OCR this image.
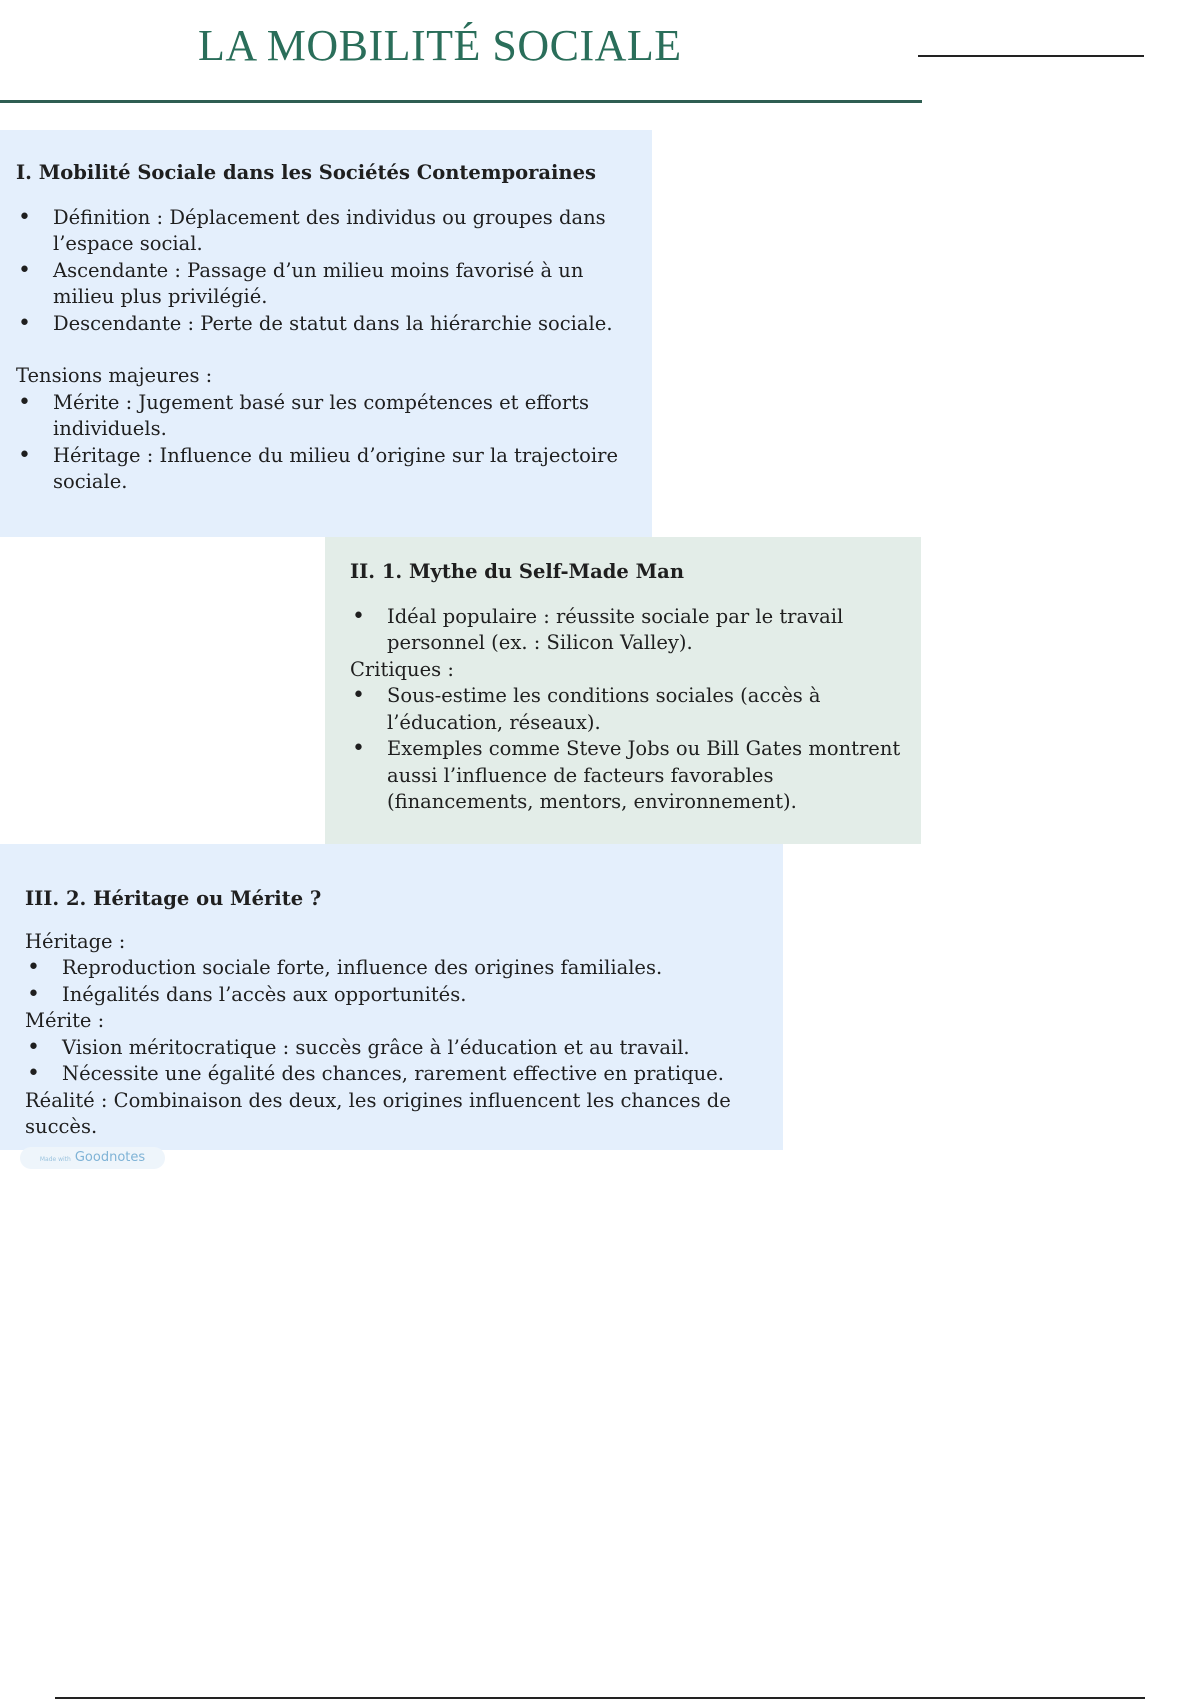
LA MOBILITÉ SOCIALE
I. Mobilité Sociale dans les Sociétés Contemporaines
• Définition : Déplacement des individus ou groupes dans l’espace social.
• Ascendante : Passage d’un milieu moins favorisé à un milieu plus privilégié.
• Descendante : Perte de statut dans la hiérarchie sociale.

Tensions majeures :

• Mérite : Jugement basé sur les compétences et efforts individuels.
• Héritage : Influence du milieu d’origine sur la trajectoire sociale.
II. 1. Mythe du Self-Made Man
• Idéal populaire : réussite sociale par le travail personnel (ex. : Silicon Valley).

Critiques :

• Sous-estime les conditions sociales (accès à l’éducation, réseaux).
• Exemples comme Steve Jobs ou Bill Gates montrent aussi l’influence de facteurs favorables (financements, mentors, environnement).
III. 2. Héritage ou Mérite ?

Héritage :

• Reproduction sociale forte, influence des origines familiales.
• Inégalités dans l’accès aux opportunités.

Mérite :

• Vision méritocratique : succès grâce à l’éducation et au travail.
• Nécessite une égalité des chances, rarement effective en pratique.

Réalité : Combinaison des deux, les origines influencent les chances de succès.

Made with Goodnotes
